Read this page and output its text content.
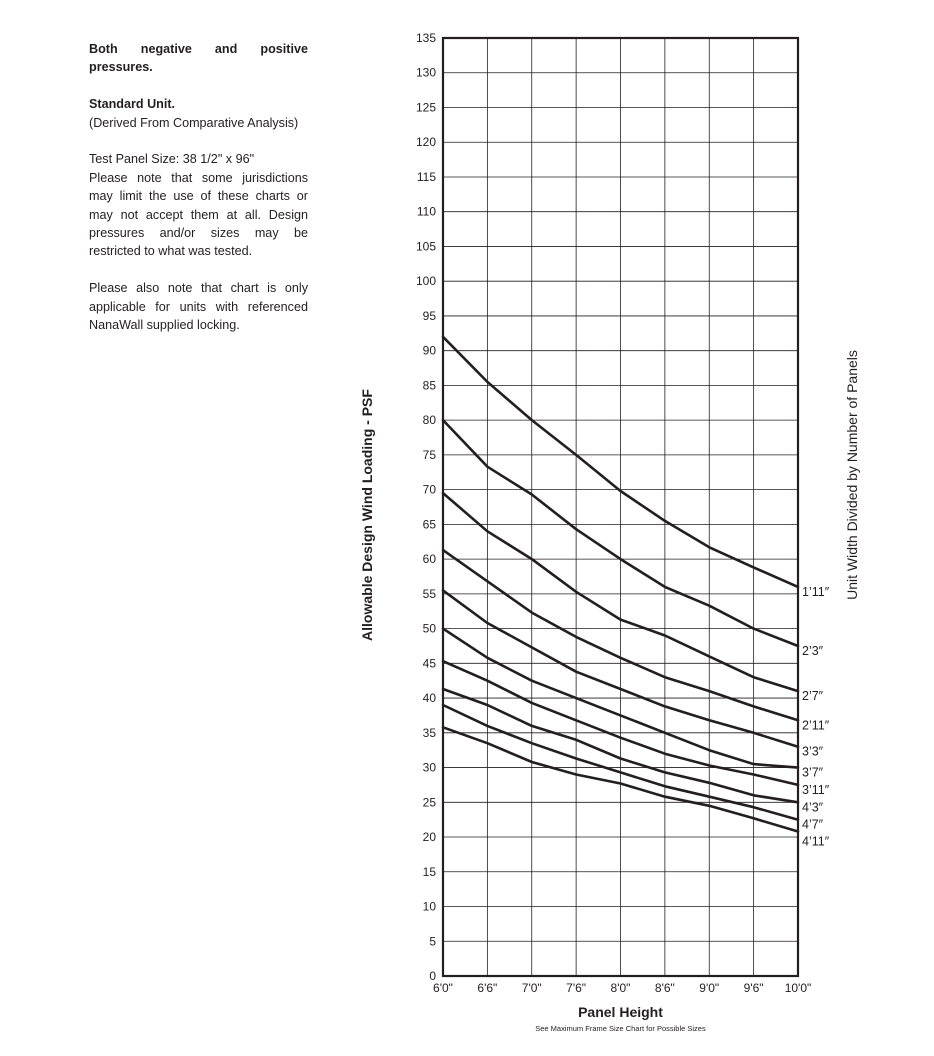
Both negative and positive pressures.

Standard Unit.
(Derived From Comparative Analysis)

Test Panel Size: 38 1/2" x 96"
Please note that some jurisdictions may limit the use of these charts or may not accept them at all. Design pressures and/or sizes may be restricted to what was tested.

Please also note that chart is only applicable for units with referenced NanaWall supplied locking.

0
5
10
15
20
25
30
35
40
45
50
55
60
65
70
75
80
85
90
95
100
105
110
115
120
125
130
135
6'0" 6'6" 7'0" 7'6" 8'0" 8'6" 9'0" 9'6" 10'0"
1’11″
2’3″
2’7″
2’11″
3’3″
3’7″
3’11″
4’3″
4’7″
4’11″
Allowable Design Wind Loading - PSF	Unit Width Divided by Number of Panels
Panel Height
See Maximum Frame Size Chart for Possible Sizes
